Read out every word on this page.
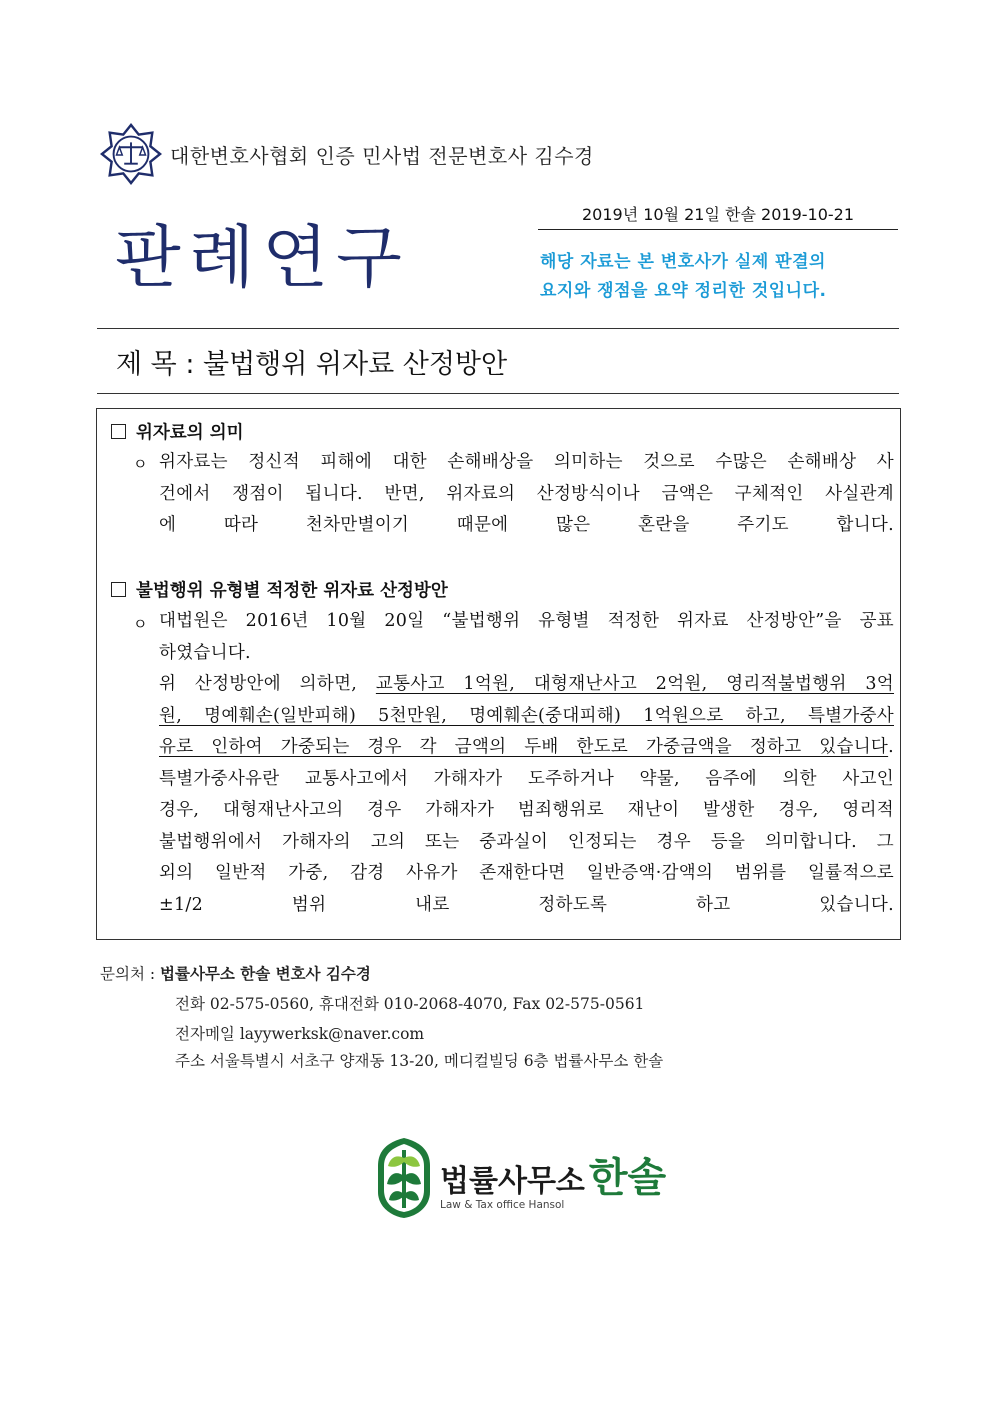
대한변호사협회 인증 민사법 전문변호사 김수경
2019년 10월 21일 한솔 2019-10-21
판례연구	해당 자료는 본 변호사가 실제 판결의
요지와 쟁점을 요약 정리한 것입니다.
제 목 : 불법행위 위자료 산정방안
위자료의 의미
ㅇ 위자료는 정신적 피해에 대한 손해배상을 의미하는 것으로 수많은 손해배상 사
건에서 쟁점이 됩니다. 반면, 위자료의 산정방식이나 금액은 구체적인 사실관계
에 따라 천차만별이기 때문에 많은 혼란을 주기도 합니다.
불법행위 유형별 적정한 위자료 산정방안
ㅇ 대법원은 2016년 10월 20일 “불법행위 유형별 적정한 위자료 산정방안”을 공표
하였습니다.
위 산정방안에 의하면, 교통사고 1억원, 대형재난사고 2억원, 영리적불법행위 3억
원, 명예훼손(일반피해) 5천만원, 명예훼손(중대피해) 1억원으로 하고, 특별가중사
유로 인하여 가중되는 경우 각 금액의 두배 한도로 가중금액을 정하고 있습니다.
특별가중사유란 교통사고에서 가해자가 도주하거나 약물, 음주에 의한 사고인
경우, 대형재난사고의 경우 가해자가 범죄행위로 재난이 발생한 경우, 영리적
불법행위에서 가해자의 고의 또는 중과실이 인정되는 경우 등을 의미합니다. 그
외의 일반적 가중, 감경 사유가 존재한다면 일반증액·감액의 범위를 일률적으로
±1/2 범위 내로 정하도록 하고 있습니다.
문의처 : 법률사무소 한솔 변호사 김수경
전화 02-575-0560, 휴대전화 010-2068-4070, Fax 02-575-0561
전자메일 layywerksk@naver.com
주소 서울특별시 서초구 양재동 13-20, 메디컬빌딩 6층 법률사무소 한솔
법률사무소 한솔
Law & Tax office Hansol
